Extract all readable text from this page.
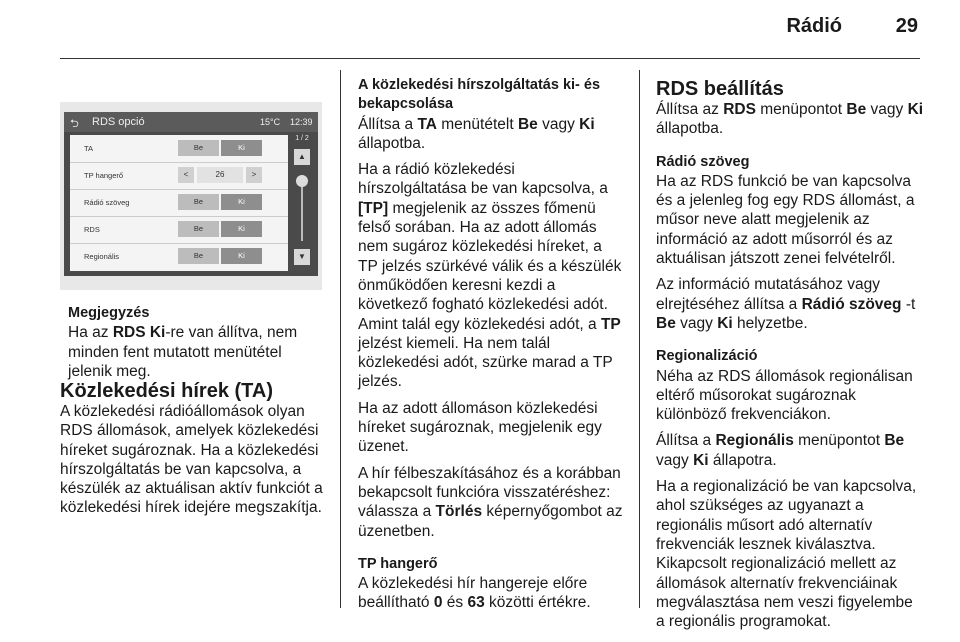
Rádió	29
⮌ RDS opció	15°C 12:39
TA	Be	Ki
TP hangerő	<	26	>
Rádió szöveg	Be	Ki
RDS	Be	Ki
Regionális	Be	Ki
1 / 2
▲
▼
Megjegyzés
Ha az RDS Ki-re van állítva, nem minden fent mutatott menütétel jelenik meg.
Közlekedési hírek (TA)

A közlekedési rádióállomások olyan RDS állomások, amelyek közlekedési híreket sugároznak. Ha a közlekedési hírszolgáltatás be van kapcsolva, a készülék az aktuálisan aktív funkciót a közlekedési hírek idejére megszakítja.

A közlekedési hírszolgáltatás ki- és bekapcsolása

Állítsa a TA menütételt Be vagy Ki állapotba.

Ha a rádió közlekedési hírszolgáltatása be van kapcsolva, a [TP] megjelenik az összes főmenü felső sorában. Ha az adott állomás nem sugároz közlekedési híreket, a TP jelzés szürkévé válik és a készülék önműködően keresni kezdi a következő fogható közlekedési adót. Amint talál egy közlekedési adót, a TP jelzést kiemeli. Ha nem talál közlekedési adót, szürke marad a TP jelzés.

Ha az adott állomáson közlekedési híreket sugároznak, megjelenik egy üzenet.

A hír félbeszakításához és a korábban bekapcsolt funkcióra visszatéréshez: válassza a Törlés képernyőgombot az üzenetben.

TP hangerő

A közlekedési hír hangereje előre beállítható 0 és 63 közötti értékre.

RDS beállítás

Állítsa az RDS menüpontot Be vagy Ki állapotba.

Rádió szöveg

Ha az RDS funkció be van kapcsolva és a jelenleg fog egy RDS állomást, a műsor neve alatt megjelenik az információ az adott műsorról és az aktuálisan játszott zenei felvételről.

Az információ mutatásához vagy elrejtéséhez állítsa a Rádió szöveg -t Be vagy Ki helyzetbe.

Regionalizáció

Néha az RDS állomások regionálisan eltérő műsorokat sugároznak különböző frekvenciákon.

Állítsa a Regionális menüpontot Be vagy Ki állapotra.

Ha a regionalizáció be van kapcsolva, ahol szükséges az ugyanazt a regionális műsort adó alternatív frekvenciák lesznek kiválasztva. Kikapcsolt regionalizáció mellett az állomások alternatív frekvenciáinak megválasztása nem veszi figyelembe a regionális programokat.
